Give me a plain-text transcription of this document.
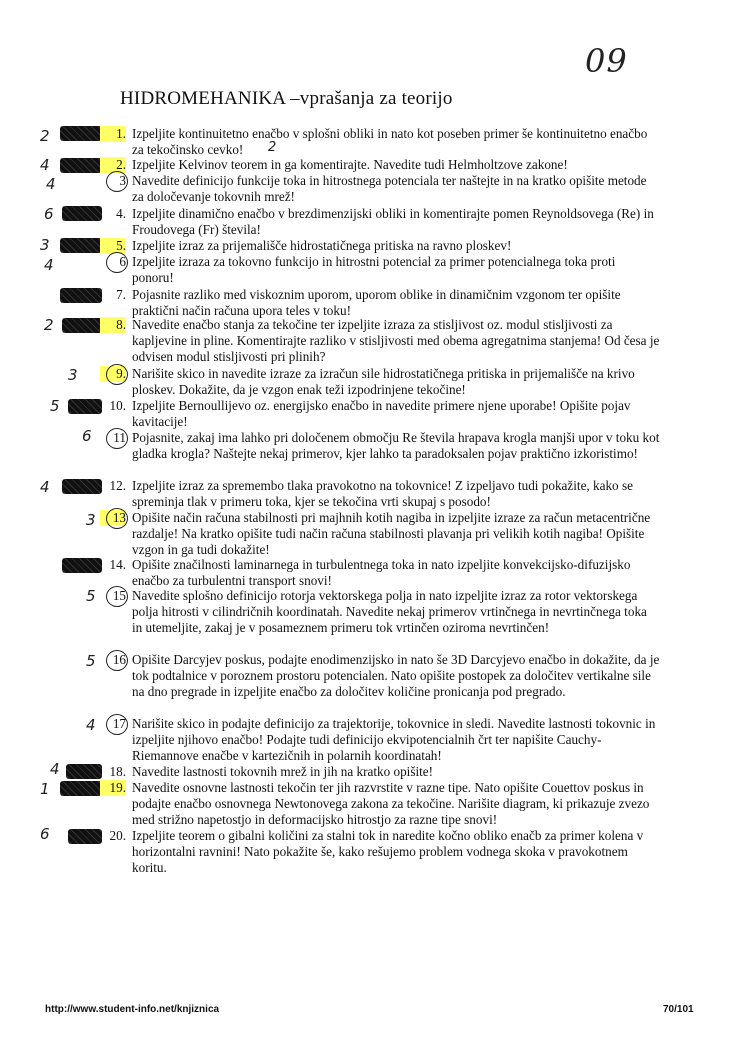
09
HIDROMEHANIKA –vprašanja za teorijo
2	1. Izpeljite kontinuitetno enačbo v splošni obliki in nato kot poseben primer še kontinuitetno enačbo za tekočinsko cevko!	2
4	2. Izpeljite Kelvinov teorem in ga komentirajte. Navedite tudi Helmholtzove zakone!
4	3 Navedite definicijo funkcije toka in hitrostnega potenciala ter naštejte in na kratko opišite metode za določevanje tokovnih mrež!
6	4. Izpeljite dinamično enačbo v brezdimenzijski obliki in komentirajte pomen Reynoldsovega (Re) in Froudovega (Fr) števila!
3	5. Izpeljite izraz za prijemališče hidrostatičnega pritiska na ravno ploskev!
4	6 Izpeljite izraza za tokovno funkcijo in hitrostni potencial za primer potencialnega toka proti ponoru!
7. Pojasnite razliko med viskoznim uporom, uporom oblike in dinamičnim vzgonom ter opišite praktični način računa upora teles v toku!
2	8. Navedite enačbo stanja za tekočine ter izpeljite izraza za stisljivost oz. modul stisljivosti za kapljevine in pline. Komentirajte razliko v stisljivosti med obema agregatnima stanjema! Od česa je odvisen modul stisljivosti pri plinih?
3	9. Narišite skico in navedite izraze za izračun sile hidrostatičnega pritiska in prijemališče na krivo ploskev. Dokažite, da je vzgon enak teži izpodrinjene tekočine!
5	10. Izpeljite Bernoullijevo oz. energijsko enačbo in navedite primere njene uporabe! Opišite pojav kavitacije!
6	11 Pojasnite, zakaj ima lahko pri določenem območju Re števila hrapava krogla manjši upor v toku kot gladka krogla? Naštejte nekaj primerov, kjer lahko ta paradoksalen pojav praktično izkoristimo!
4	12. Izpeljite izraz za spremembo tlaka pravokotno na tokovnice! Z izpeljavo tudi pokažite, kako se spreminja tlak v primeru toka, kjer se tekočina vrti skupaj s posodo!
3	13 Opišite način računa stabilnosti pri majhnih kotih nagiba in izpeljite izraze za račun metacentrične razdalje! Na kratko opišite tudi način računa stabilnosti plavanja pri velikih kotih nagiba! Opišite vzgon in ga tudi dokažite!
14. Opišite značilnosti laminarnega in turbulentnega toka in nato izpeljite konvekcijsko-difuzijsko enačbo za turbulentni transport snovi!
5	15 Navedite splošno definicijo rotorja vektorskega polja in nato izpeljite izraz za rotor vektorskega polja hitrosti v cilindričnih koordinatah. Navedite nekaj primerov vrtinčnega in nevrtinčnega toka in utemeljite, zakaj je v posameznem primeru tok vrtinčen oziroma nevrtinčen!
5	16 Opišite Darcyjev poskus, podajte enodimenzijsko in nato še 3D Darcyjevo enačbo in dokažite, da je tok podtalnice v poroznem prostoru potencialen. Nato opišite postopek za določitev vertikalne sile na dno pregrade in izpeljite enačbo za določitev količine pronicanja pod pregrado.
4	17 Narišite skico in podajte definicijo za trajektorije, tokovnice in sledi. Navedite lastnosti tokovnic in izpeljite njihovo enačbo! Podajte tudi definicijo ekvipotencialnih črt ter napišite Cauchy-Riemannove enačbe v kartezičnih in polarnih koordinatah!
4	18. Navedite lastnosti tokovnih mrež in jih na kratko opišite!
1	19. Navedite osnovne lastnosti tekočin ter jih razvrstite v razne tipe. Nato opišite Couettov poskus in podajte enačbo osnovnega Newtonovega zakona za tekočine. Narišite diagram, ki prikazuje zvezo med strižno napetostjo in deformacijsko hitrostjo za razne tipe snovi!
6	20. Izpeljite teorem o gibalni količini za stalni tok in naredite kočno obliko enačb za primer kolena v horizontalni ravnini! Nato pokažite še, kako rešujemo problem vodnega skoka v pravokotnem koritu.
http://www.student-info.net/knjiznica	70/101
